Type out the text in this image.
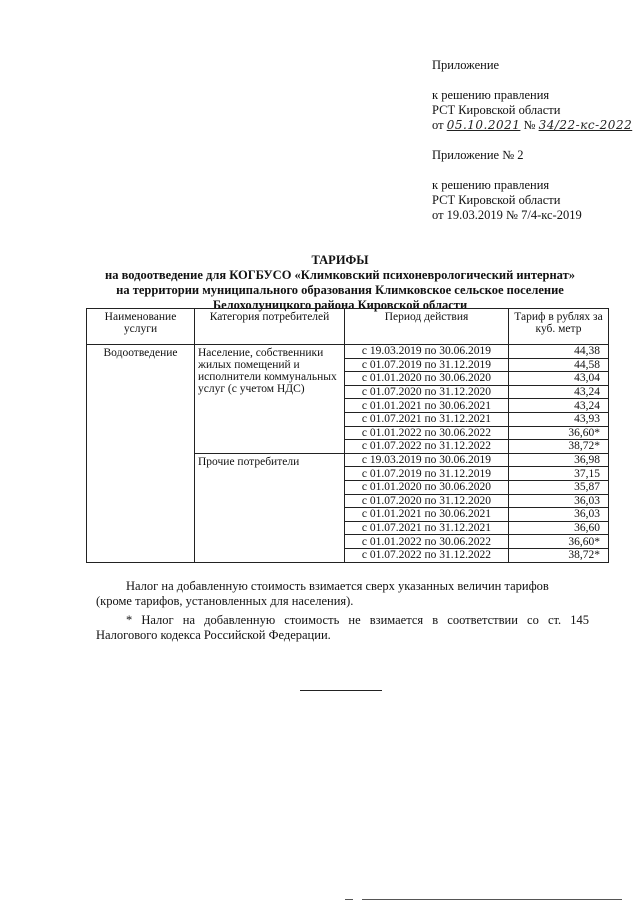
Приложение
к решению правления
РСТ Кировской области
от 05.10.2021 № 34/22-кс-2022
Приложение № 2
к решению правления
РСТ Кировской области
от 19.03.2019 № 7/4-кс-2019
ТАРИФЫ
на водоотведение для КОГБУСО «Климковский психоневрологический интернат»
на территории муниципального образования Климковское сельское поселение
Белохолуницкого района Кировской области
Наименование услуги	Категория потребителей	Период действия	Тариф в рублях за куб. метр
Водоотведение	Население, собственники жилых помещений и исполнители коммунальных услуг (с учетом НДС)	с 19.03.2019 по 30.06.2019	44,38
		с 01.07.2019 по 31.12.2019	44,58
		с 01.01.2020 по 30.06.2020	43,04
		с 01.07.2020 по 31.12.2020	43,24
		с 01.01.2021 по 30.06.2021	43,24
		с 01.07.2021 по 31.12.2021	43,93
		с 01.01.2022 по 30.06.2022	36,60*
		с 01.07.2022 по 31.12.2022	38,72*
	Прочие потребители	с 19.03.2019 по 30.06.2019	36,98
		с 01.07.2019 по 31.12.2019	37,15
		с 01.01.2020 по 30.06.2020	35,87
		с 01.07.2020 по 31.12.2020	36,03
		с 01.01.2021 по 30.06.2021	36,03
		с 01.07.2021 по 31.12.2021	36,60
		с 01.01.2022 по 30.06.2022	36,60*
		с 01.07.2022 по 31.12.2022	38,72*
Налог на добавленную стоимость взимается сверх указанных величин тарифов
(кроме тарифов, установленных для населения).
* Налог на добавленную стоимость не взимается в соответствии со ст. 145
Налогового кодекса Российской Федерации.
